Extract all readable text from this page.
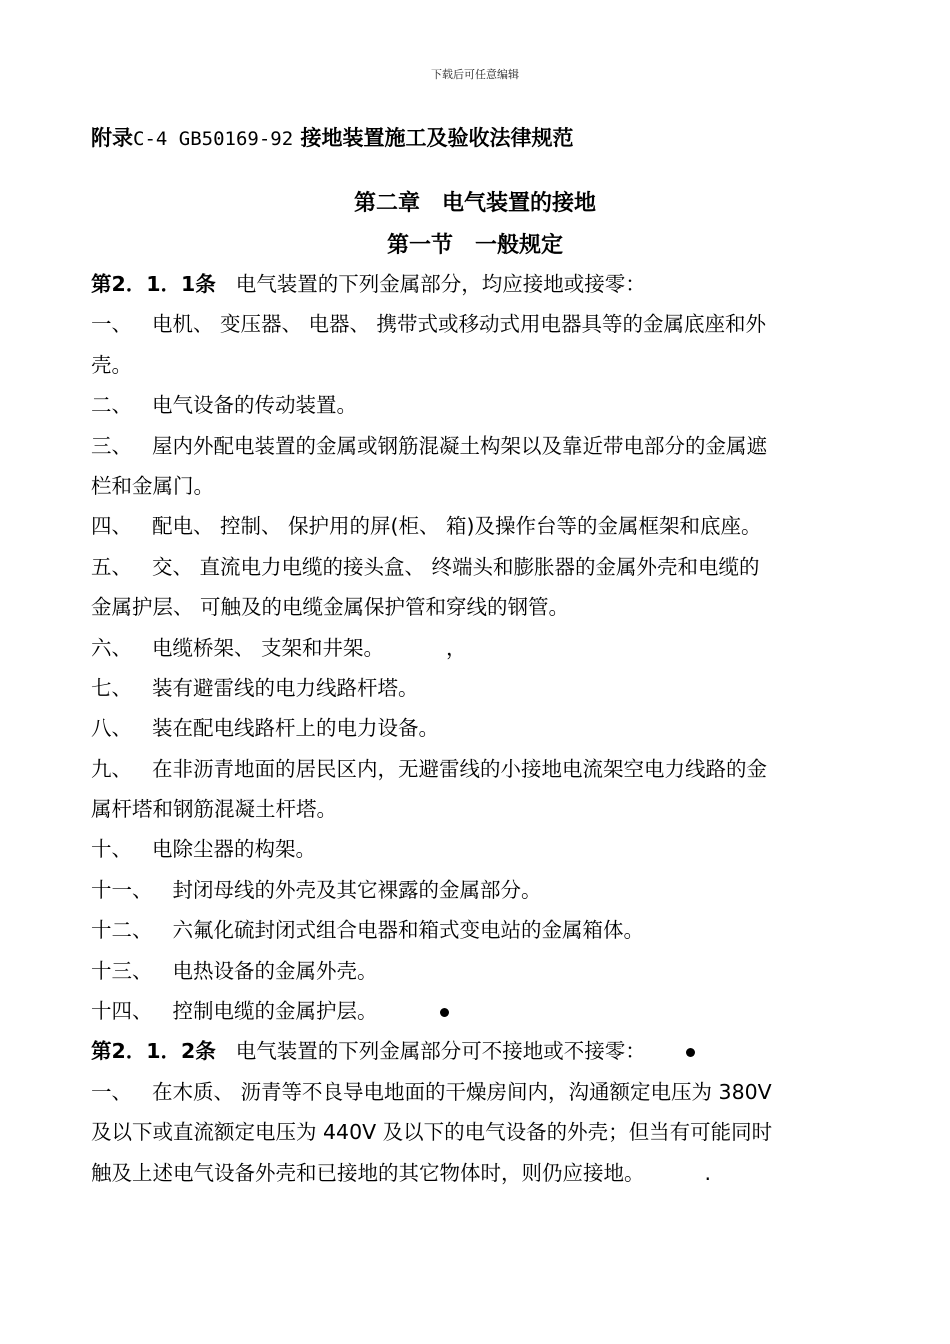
下载后可任意编辑
附录C-4 GB50169-92 接地装置施工及验收法律规范
第二章　电气装置的接地
第一节　一般规定
第2．1．1条 电气装置的下列金属部分，均应接地或接零：
一、 电机、 变压器、 电器、 携带式或移动式用电器具等的金属底座和外
壳。
二、 电气设备的传动装置。
三、 屋内外配电装置的金属或钢筋混凝土构架以及靠近带电部分的金属遮
栏和金属门。
四、 配电、 控制、 保护用的屏(柜、 箱)及操作台等的金属框架和底座。
五、 交、 直流电力电缆的接头盒、 终端头和膨胀器的金属外壳和电缆的
金属护层、 可触及的电缆金属保护管和穿线的钢管。
六、 电缆桥架、 支架和井架。	，
七、 装有避雷线的电力线路杆塔。
八、 装在配电线路杆上的电力设备。
九、 在非沥青地面的居民区内，无避雷线的小接地电流架空电力线路的金
属杆塔和钢筋混凝土杆塔。
十、 电除尘器的构架。
十一、 封闭母线的外壳及其它裸露的金属部分。
十二、 六氟化硫封闭式组合电器和箱式变电站的金属箱体。
十三、 电热设备的金属外壳。
十四、 控制电缆的金属护层。
第2．1．2条 电气装置的下列金属部分可不接地或不接零：
一、 在木质、 沥青等不良导电地面的干燥房间内，沟通额定电压为 380V
及以下或直流额定电压为 440V 及以下的电气设备的外壳；但当有可能同时
触及上述电气设备外壳和已接地的其它物体时，则仍应接地。	.
